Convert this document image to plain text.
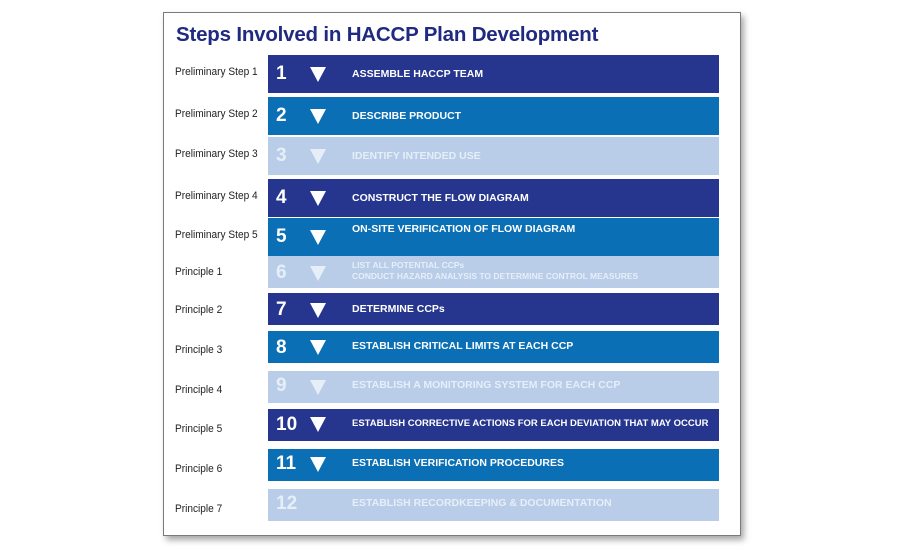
Steps Involved in HACCP Plan Development
Preliminary Step 1 1	ASSEMBLE HACCP TEAM
Preliminary Step 2 2	DESCRIBE PRODUCT
Preliminary Step 3 3	IDENTIFY INTENDED USE
Preliminary Step 4 4	CONSTRUCT THE FLOW DIAGRAM
Preliminary Step 5 5	ON-SITE VERIFICATION OF FLOW DIAGRAM
Principle 1	6	LIST ALL POTENTIAL CCPs
CONDUCT HAZARD ANALYSIS TO DETERMINE CONTROL MEASURES
Principle 2	7	DETERMINE CCPs
Principle 3	8	ESTABLISH CRITICAL LIMITS AT EACH CCP
Principle 4	9	ESTABLISH A MONITORING SYSTEM FOR EACH CCP
Principle 5	10	ESTABLISH CORRECTIVE ACTIONS FOR EACH DEVIATION THAT MAY OCCUR
Principle 6	11	ESTABLISH VERIFICATION PROCEDURES
Principle 7	12	ESTABLISH RECORDKEEPING & DOCUMENTATION
